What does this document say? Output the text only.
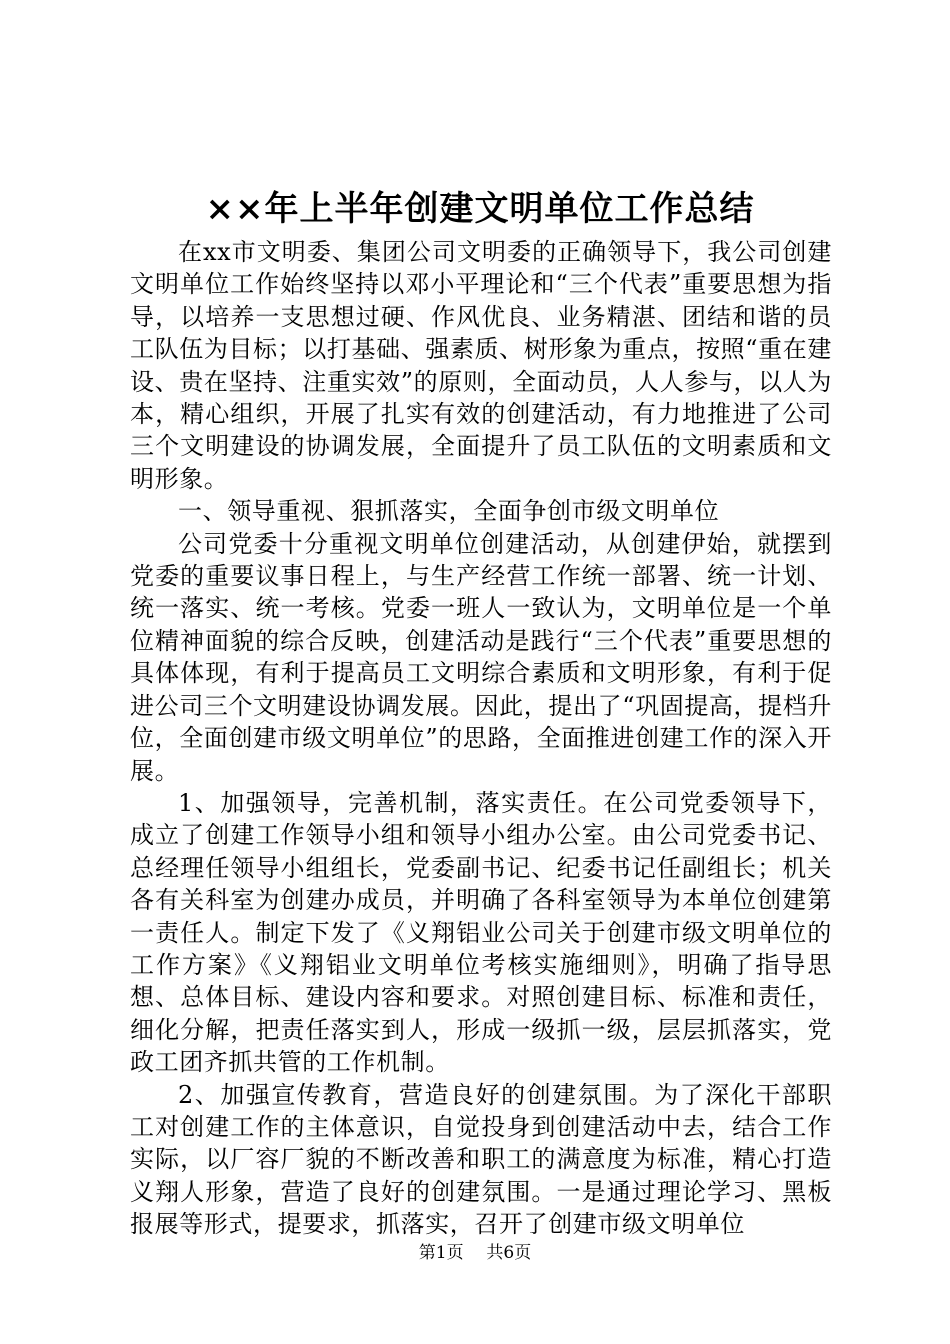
××年上半年创建文明单位工作总结

在xx市文明委、集团公司文明委的正确领导下，我公司创建文明单位工作始终坚持以邓小平理论和“三个代表”重要思想为指导，以培养一支思想过硬、作风优良、业务精湛、团结和谐的员工队伍为目标；以打基础、强素质、树形象为重点，按照“重在建设、贵在坚持、注重实效”的原则，全面动员，人人参与，以人为本，精心组织，开展了扎实有效的创建活动，有力地推进了公司三个文明建设的协调发展，全面提升了员工队伍的文明素质和文明形象。

一、领导重视、狠抓落实，全面争创市级文明单位

公司党委十分重视文明单位创建活动，从创建伊始，就摆到党委的重要议事日程上，与生产经营工作统一部署、统一计划、统一落实、统一考核。党委一班人一致认为，文明单位是一个单位精神面貌的综合反映，创建活动是践行“三个代表”重要思想的具体体现，有利于提高员工文明综合素质和文明形象，有利于促进公司三个文明建设协调发展。因此，提出了“巩固提高，提档升位，全面创建市级文明单位”的思路，全面推进创建工作的深入开展。

1、加强领导，完善机制，落实责任。在公司党委领导下，成立了创建工作领导小组和领导小组办公室。由公司党委书记、总经理任领导小组组长，党委副书记、纪委书记任副组长；机关各有关科室为创建办成员，并明确了各科室领导为本单位创建第一责任人。制定下发了《义翔铝业公司关于创建市级文明单位的工作方案》《义翔铝业文明单位考核实施细则》，明确了指导思想、总体目标、建设内容和要求。对照创建目标、标准和责任，细化分解，把责任落实到人，形成一级抓一级，层层抓落实，党政工团齐抓共管的工作机制。

2、加强宣传教育，营造良好的创建氛围。为了深化干部职工对创建工作的主体意识，自觉投身到创建活动中去，结合工作实际，以厂容厂貌的不断改善和职工的满意度为标准，精心打造义翔人形象，营造了良好的创建氛围。一是通过理论学习、黑板报展等形式，提要求，抓落实，召开了创建市级文明单位

第1页 共6页
